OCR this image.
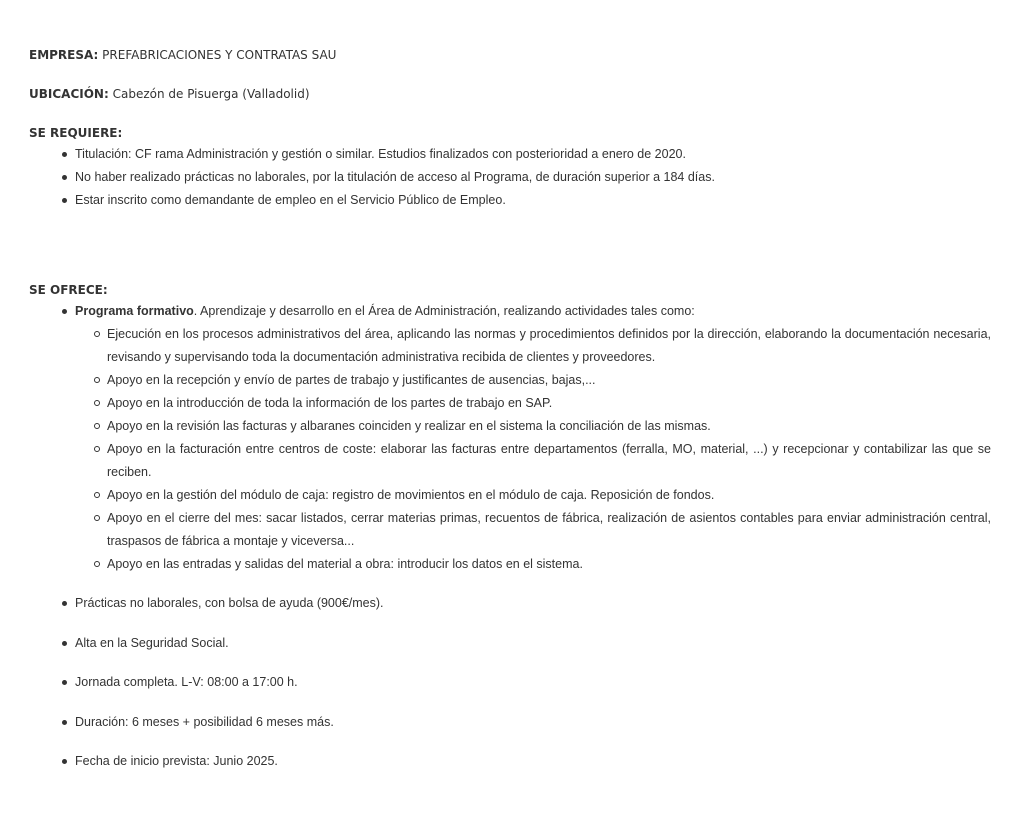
EMPRESA: PREFABRICACIONES Y CONTRATAS SAU
UBICACIÓN: Cabezón de Pisuerga (Valladolid)
SE REQUIERE:
Titulación: CF rama Administración y gestión o similar. Estudios finalizados con posterioridad a enero de 2020.
No haber realizado prácticas no laborales, por la titulación de acceso al Programa, de duración superior a 184 días.
Estar inscrito como demandante de empleo en el Servicio Público de Empleo.
SE OFRECE:
Programa formativo. Aprendizaje y desarrollo en el Área de Administración, realizando actividades tales como:
Ejecución en los procesos administrativos del área, aplicando las normas y procedimientos definidos por la dirección, elaborando la documentación necesaria, revisando y supervisando toda la documentación administrativa recibida de clientes y proveedores.
Apoyo en la recepción y envío de partes de trabajo y justificantes de ausencias, bajas,...
Apoyo en la introducción de toda la información de los partes de trabajo en SAP.
Apoyo en la revisión las facturas y albaranes coinciden y realizar en el sistema la conciliación de las mismas.
Apoyo en la facturación entre centros de coste: elaborar las facturas entre departamentos (ferralla, MO, material, ...) y recepcionar y contabilizar las que se reciben.
Apoyo en la gestión del módulo de caja: registro de movimientos en el módulo de caja. Reposición de fondos.
Apoyo en el cierre del mes: sacar listados, cerrar materias primas, recuentos de fábrica, realización de asientos contables para enviar administración central, traspasos de fábrica a montaje y viceversa...
Apoyo en las entradas y salidas del material a obra: introducir los datos en el sistema.
Prácticas no laborales, con bolsa de ayuda (900€/mes).
Alta en la Seguridad Social.
Jornada completa. L-V: 08:00 a 17:00 h.
Duración: 6 meses + posibilidad 6 meses más.
Fecha de inicio prevista: Junio 2025.
